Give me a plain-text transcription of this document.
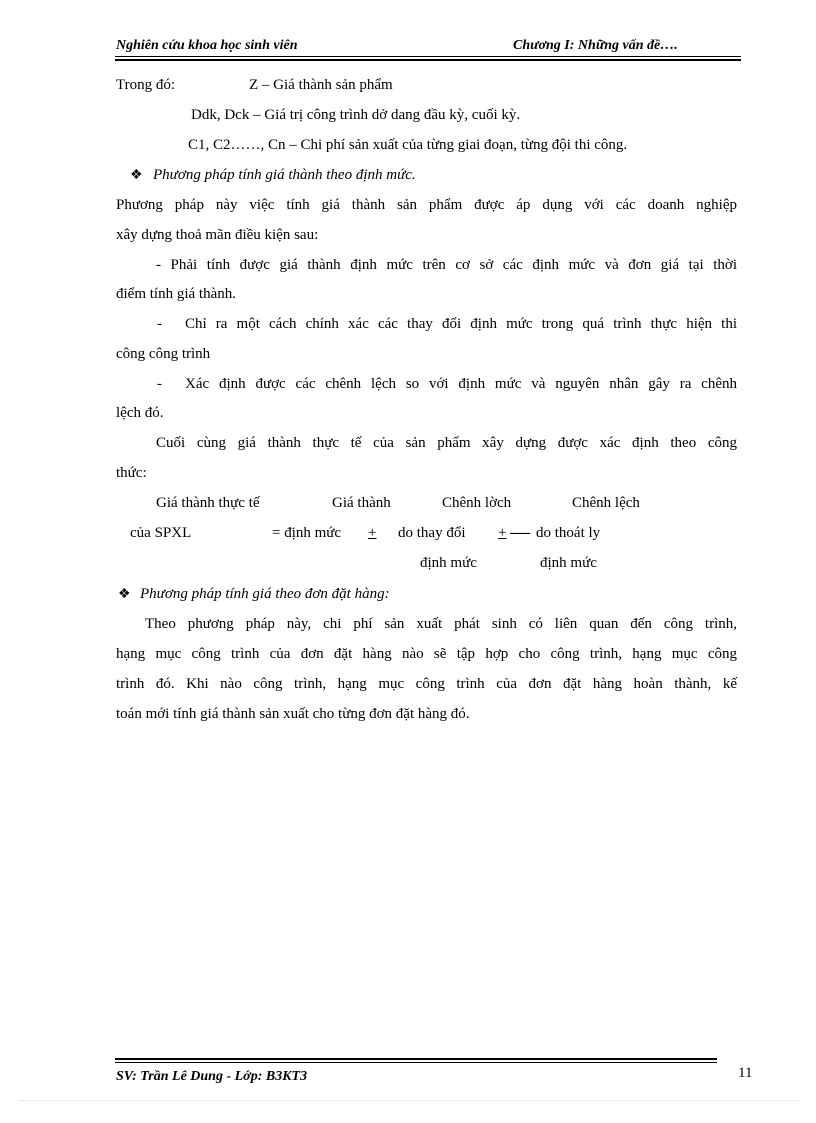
Nghiên cứu khoa học sinh viên	Chương I: Những vấn đề….
Trong đó:	Z – Giá thành sản phẩm
Ddk, Dck – Giá trị công trình dở dang đầu kỳ, cuối kỳ.
C1, C2……, Cn – Chi phí sản xuất của từng giai đoạn, từng đội thi công.
❖ Phương pháp tính giá thành theo định mức.
Phương pháp này việc tính giá thành sản phẩm được áp dụng với các doanh nghiệp
xây dựng thoả mãn điều kiện sau:
- Phải tính được giá thành định mức trên cơ sở các định mức và đơn giá tại thời
điểm tính giá thành.
- Chỉ ra một cách chính xác các thay đổi định mức trong quá trình thực hiện thi
công công trình
- Xác định được các chênh lệch so với định mức và nguyên nhân gây ra chênh
lệch đó.
Cuối cùng giá thành thực tế của sản phẩm xây dựng được xác định theo công
thức:
Giá thành thực tế	Giá thành	Chênh lờch	Chênh lệch
của SPXL	= định mức + do thay đổi + ___ do thoát ly
định mức	định mức
❖ Phương pháp tính giá theo đơn đặt hàng:
Theo phương pháp này, chi phí sản xuất phát sinh có liên quan đến công trình,
hạng mục công trình của đơn đặt hàng nào sẽ tập hợp cho công trình, hạng mục công
trình đó. Khi nào công trình, hạng mục công trình của đơn đặt hàng hoàn thành, kế
toán mới tính giá thành sản xuất cho từng đơn đặt hàng đó.
SV: Trần Lê Dung - Lớp: B3KT3	11
